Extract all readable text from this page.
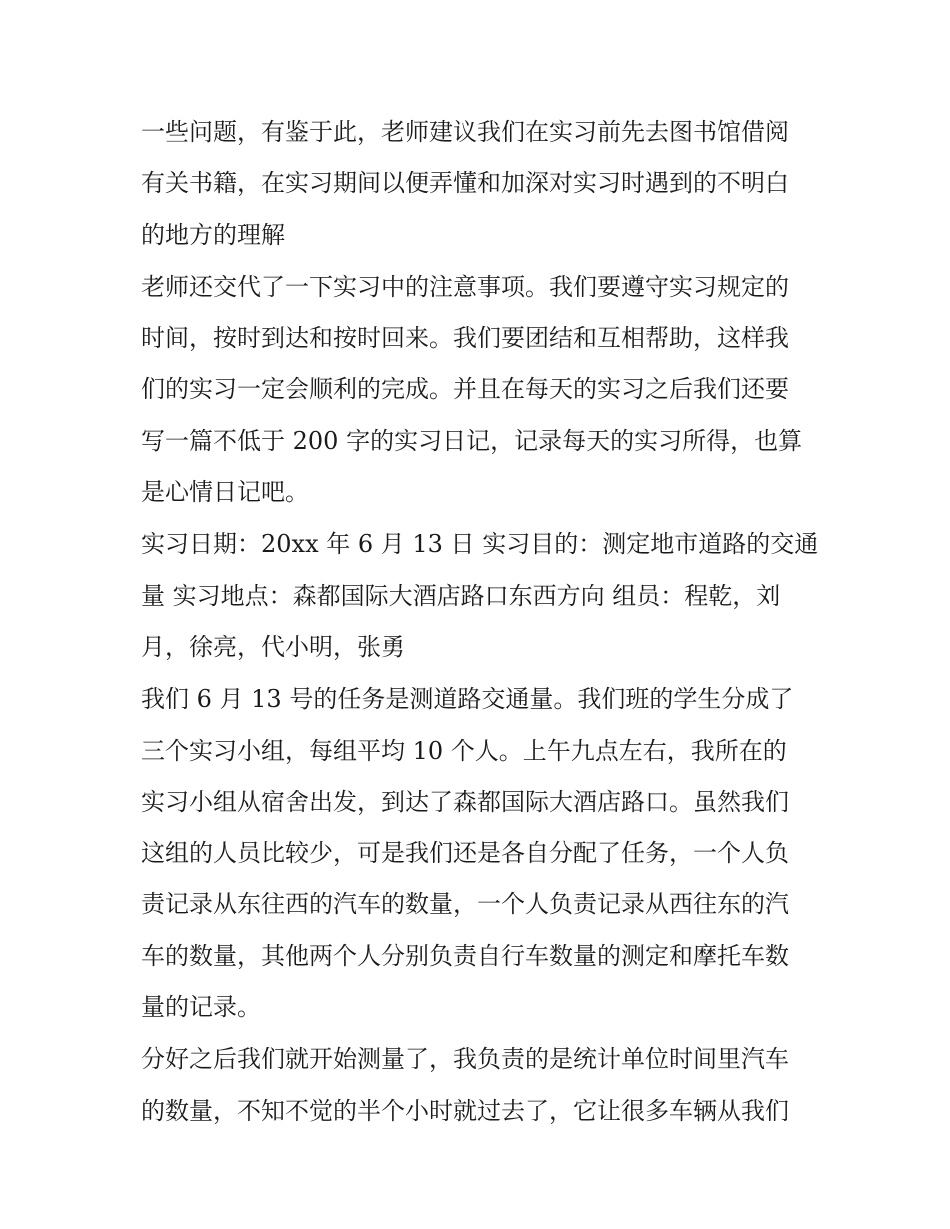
一些问题，有鉴于此，老师建议我们在实习前先去图书馆借阅
有关书籍，在实习期间以便弄懂和加深对实习时遇到的不明白
的地方的理解
老师还交代了一下实习中的注意事项。我们要遵守实习规定的
时间，按时到达和按时回来。我们要团结和互相帮助，这样我
们的实习一定会顺利的完成。并且在每天的实习之后我们还要
写一篇不低于 200 字的实习日记，记录每天的实习所得，也算
是心情日记吧。
实习日期：20xx 年 6 月 13 日 实习目的：测定地市道路的交通
量 实习地点：森都国际大酒店路口东西方向 组员：程乾，刘
月，徐亮，代小明，张勇
我们 6 月 13 号的任务是测道路交通量。我们班的学生分成了
三个实习小组，每组平均 10 个人。上午九点左右，我所在的
实习小组从宿舍出发，到达了森都国际大酒店路口。虽然我们
这组的人员比较少，可是我们还是各自分配了任务，一个人负
责记录从东往西的汽车的数量，一个人负责记录从西往东的汽
车的数量，其他两个人分别负责自行车数量的测定和摩托车数
量的记录。
分好之后我们就开始测量了，我负责的是统计单位时间里汽车
的数量，不知不觉的半个小时就过去了，它让很多车辆从我们
